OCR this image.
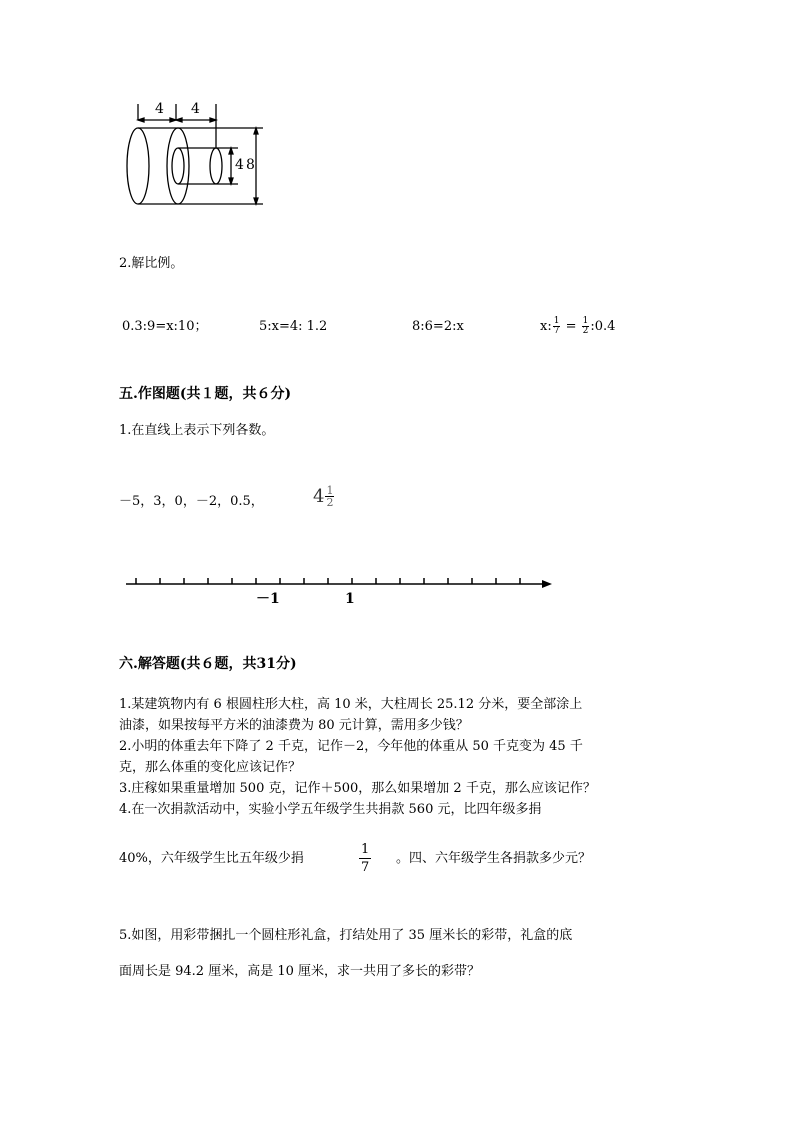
4 4
4 8
2.解比例。
0.3:9=x:10；	5:x=4: 1.2	8:6=2:x	x: $\frac{1}{7} = \frac{1}{2}$ :0.4
五.作图题(共１题，共６分)
1.在直线上表示下列各数。
－5，3，0，－2，0.5，	$4 \frac{1}{2}$
－1	1
六.解答题(共６题，共31分)
1.某建筑物内有 6 根圆柱形大柱，高 10 米，大柱周长 25.12 分米，要全部涂上
油漆，如果按每平方米的油漆费为 80 元计算，需用多少钱？
2.小明的体重去年下降了 2 千克，记作－2，今年他的体重从 50 千克变为 45 千
克，那么体重的变化应该记作？
3.庄稼如果重量增加 500 克，记作＋500，那么如果增加 2 千克，那么应该记作？
4.在一次捐款活动中，实验小学五年级学生共捐款 560 元，比四年级多捐
40%，六年级学生比五年级少捐
1
7
。四、六年级学生各捐款多少元？
5.如图，用彩带捆扎一个圆柱形礼盒，打结处用了 35 厘米长的彩带，礼盒的底
面周长是 94.2 厘米，高是 10 厘米，求一共用了多长的彩带？
